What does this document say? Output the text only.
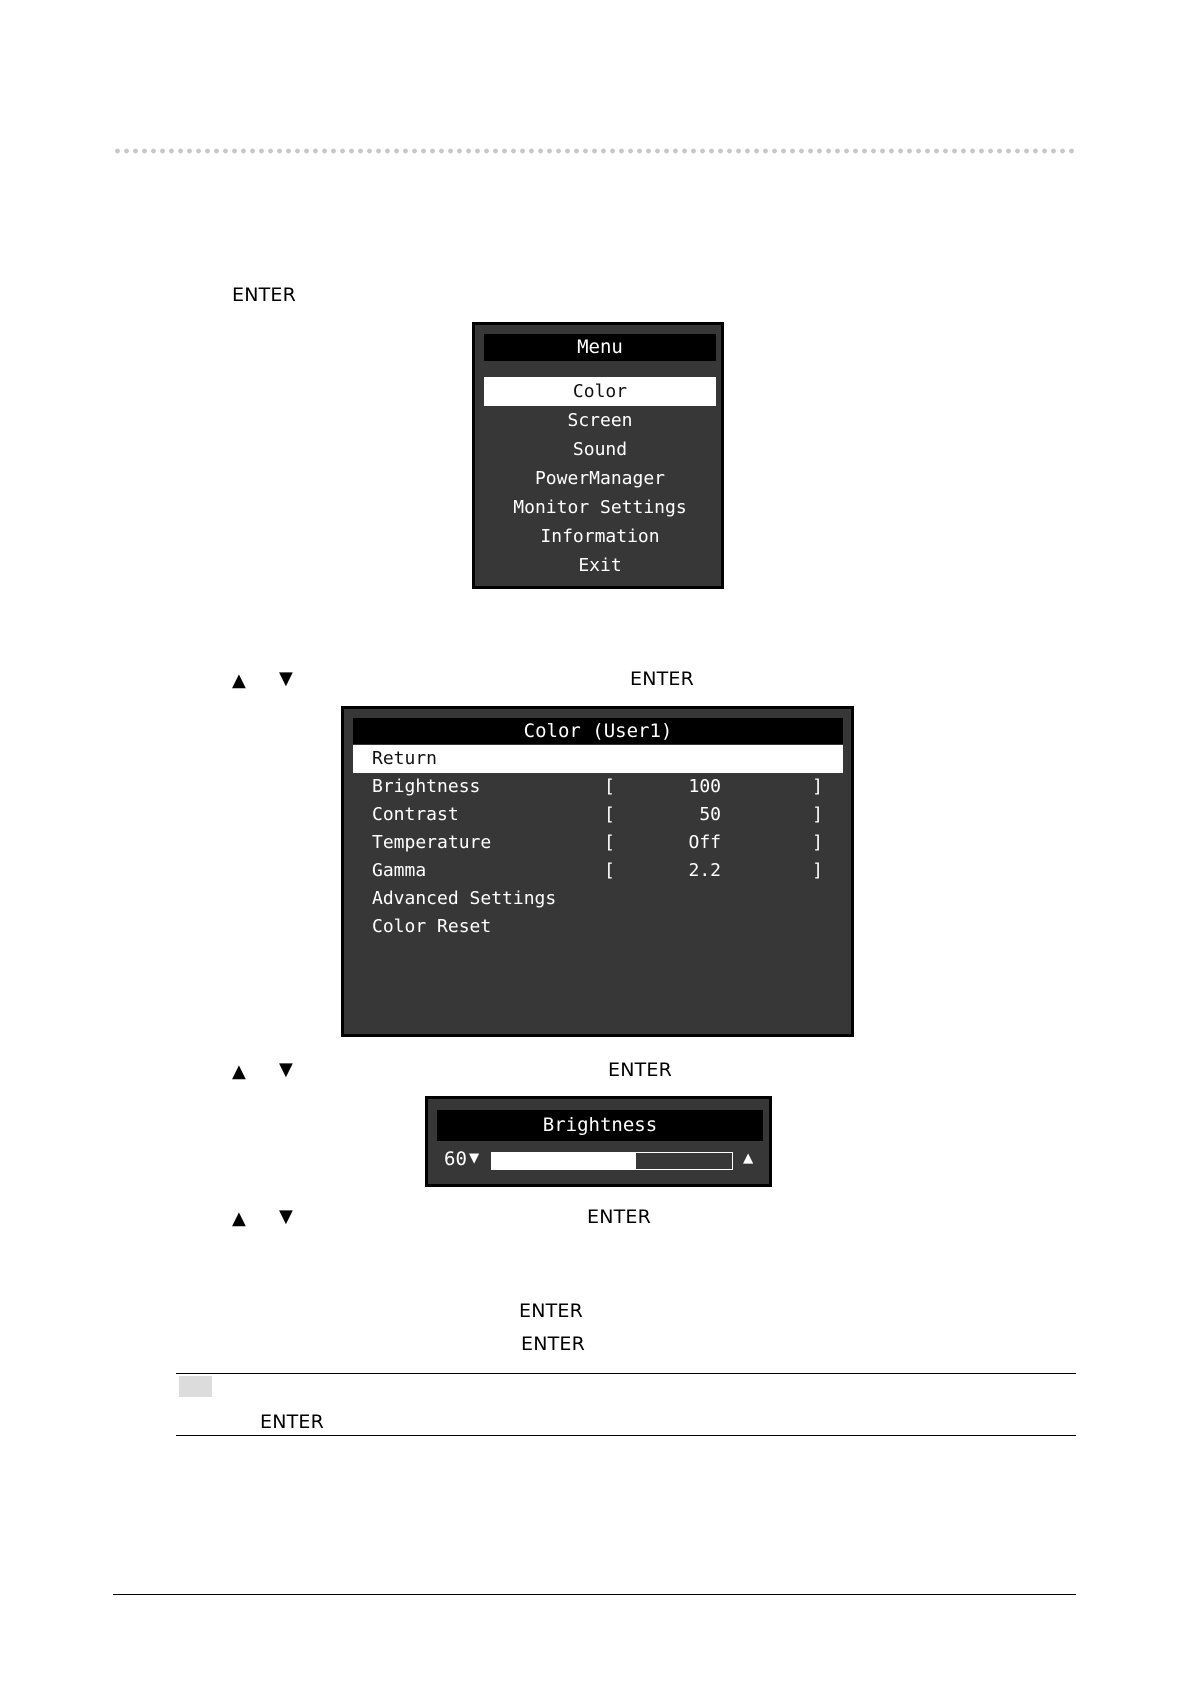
ENTER
Menu
Color
Screen
Sound
PowerManager
Monitor Settings
Information
Exit
▲ ▼	ENTER
Color (User1)
Return
Brightness	[	100	]
Contrast	[	50	]
Temperature	[	Off	]
Gamma	[	2.2	]
Advanced Settings
Color Reset
▲ ▼	ENTER
Brightness
60 ▼	▲
▲ ▼	ENTER
ENTER
ENTER
ENTER
